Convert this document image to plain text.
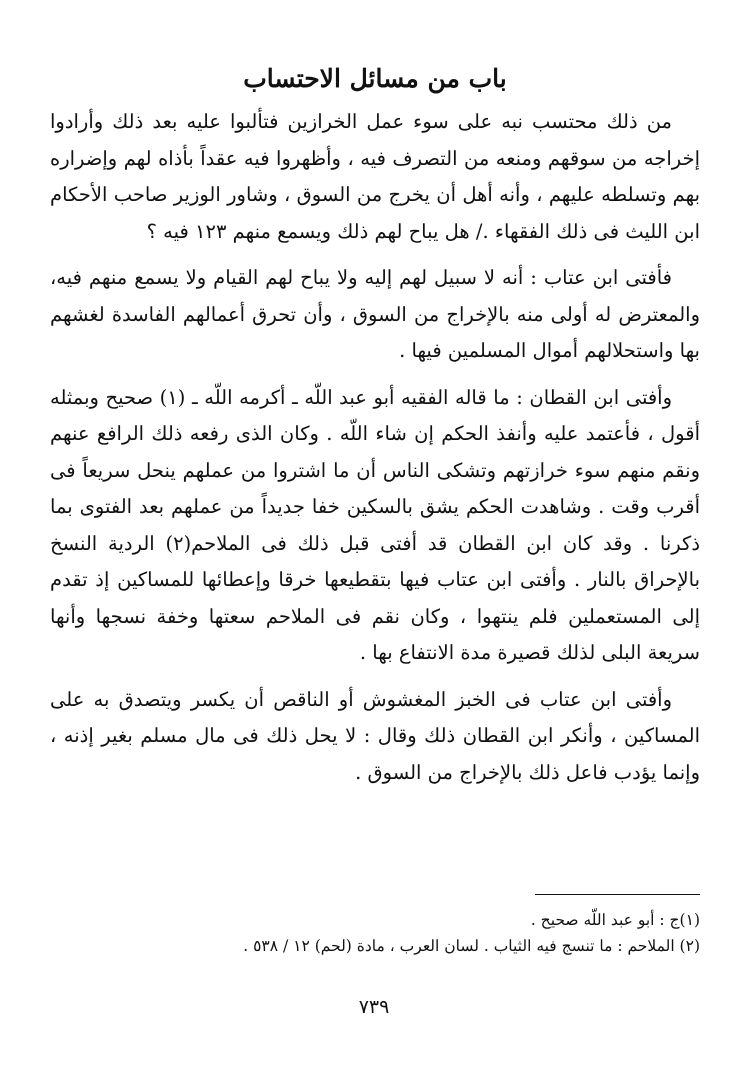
باب من مسائل الاحتساب

من ذلك محتسب نبه على سوء عمل الخرازين فتألبوا عليه بعد ذلك وأرادوا إخراجه من سوقهم ومنعه من التصرف فيه ، وأظهروا فيه عقداً بأذاه لهم وإضراره بهم وتسلطه عليهم ، وأنه أهل أن يخرج من السوق ، وشاور الوزير صاحب الأحكام ابن الليث فى ذلك الفقهاء ./ هل يباح لهم ذلك ويسمع منهم ١٢٣ فيه ؟

فأفتى ابن عتاب : أنه لا سبيل لهم إليه ولا يباح لهم القيام ولا يسمع منهم فيه، والمعترض له أولى منه بالإخراج من السوق ، وأن تحرق أعمالهم الفاسدة لغشهم بها واستحلالهم أموال المسلمين فيها .

وأفتى ابن القطان : ما قاله الفقيه أبو عبد اللّه ـ أكرمه اللّه ـ (١) صحيح وبمثله أقول ، فأعتمد عليه وأنفذ الحكم إن شاء اللّه . وكان الذى رفعه ذلك الرافع عنهم ونقم منهم سوء خرازتهم وتشكى الناس أن ما اشتروا من عملهم ينحل سريعاً فى أقرب وقت . وشاهدت الحكم يشق بالسكين خفا جديداً من عملهم بعد الفتوى بما ذكرنا . وقد كان ابن القطان قد أفتى قبل ذلك فى الملاحم(٢) الردية النسخ بالإحراق بالنار . وأفتى ابن عتاب فيها بتقطيعها خرقا وإعطائها للمساكين إذ تقدم إلى المستعملين فلم ينتهوا ، وكان نقم فى الملاحم سعتها وخفة نسجها وأنها سريعة البلى لذلك قصيرة مدة الانتفاع بها .

وأفتى ابن عتاب فى الخبز المغشوش أو الناقص أن يكسر ويتصدق به على المساكين ، وأنكر ابن القطان ذلك وقال : لا يحل ذلك فى مال مسلم بغير إذنه ، وإنما يؤدب فاعل ذلك بالإخراج من السوق .

(١)ج : أبو عبد اللّه صحيح .

(٢) الملاحم : ما تنسج فيه الثياب . لسان العرب ، مادة (لحم) ١٢ / ٥٣٨ .

٧٣٩
